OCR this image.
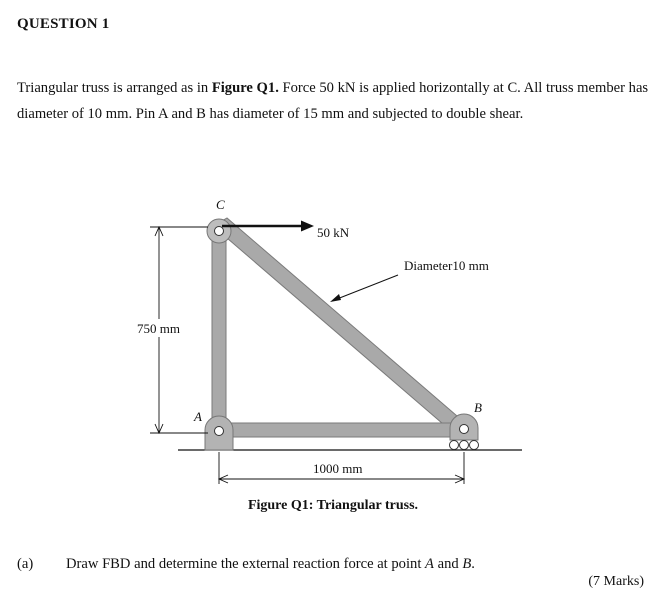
QUESTION 1
Triangular truss is arranged as in Figure Q1. Force 50 kN is applied horizontally at C. All truss member has diameter of 10 mm. Pin A and B has diameter of 15 mm and subjected to double shear.
50 kN
Diameter10 mm
750 mm
1000 mm
C
A
B
Figure Q1: Triangular truss.
(a) Draw FBD and determine the external reaction force at point A and B.
(7 Marks)
